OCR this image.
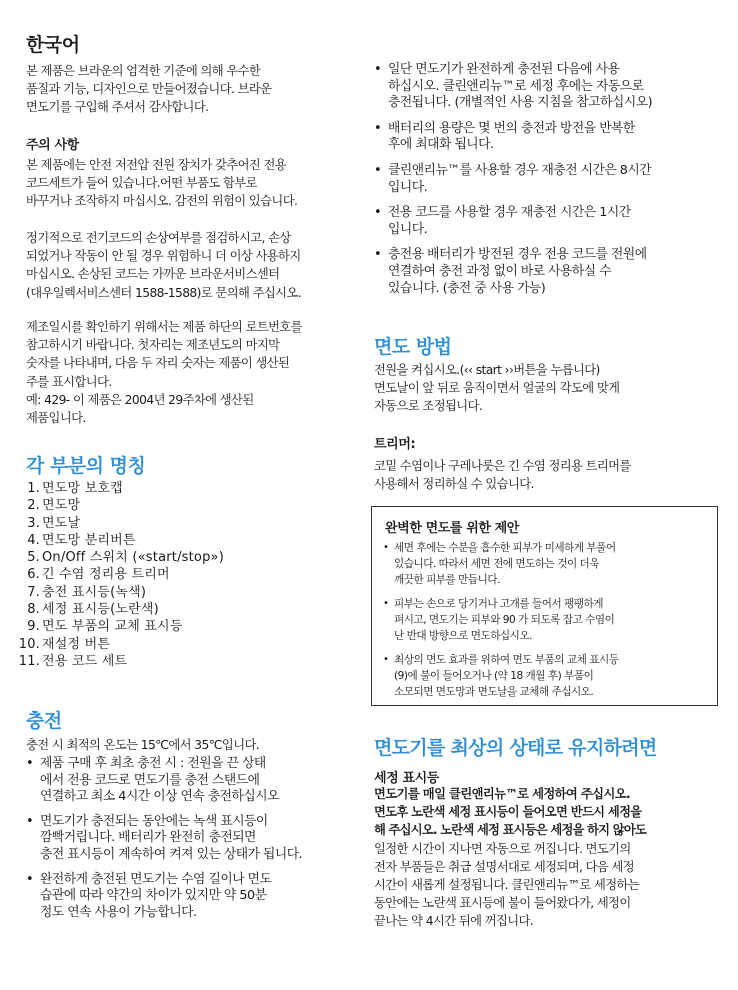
한국어

본 제품은 브라운의 엄격한 기준에 의해 우수한

품질과 기능, 디자인으로 만들어졌습니다. 브라운

면도기를 구입해 주셔서 감사합니다.

주의 사항

본 제품에는 안전 저전압 전원 장치가 갖추어진 전용

코드세트가 들어 있습니다.어떤 부품도 함부로

바꾸거나 조작하지 마십시오. 감전의 위험이 있습니다.

정기적으로 전기코드의 손상여부를 점검하시고, 손상

되었거나 작동이 안 될 경우 위험하니 더 이상 사용하지

마십시오. 손상된 코드는 가까운 브라운서비스센터

(대우일렉서비스센터 1588-1588)로 문의해 주십시오.

제조일시를 확인하기 위해서는 제품 하단의 로트번호를

참고하시기 바랍니다. 첫자리는 제조년도의 마지막

숫자를 나타내며, 다음 두 자리 숫자는 제품이 생산된

주를 표시합니다.

예: 429- 이 제품은 2004년 29주차에 생산된

제품입니다.

각 부분의 명칭
1. 면도망 보호캡
2. 면도망
3. 면도날
4. 면도망 분리버튼
5. On/Off 스위치 («start/stop»)
6. 긴 수염 정리용 트리머
7. 충전 표시등(녹색)
8. 세정 표시등(노란색)
9. 면도 부품의 교체 표시등
10. 재설정 버튼
11. 전용 코드 세트
충전

충전 시 최적의 온도는 15℃에서 35℃입니다.

• 제품 구매 후 최초 충전 시 : 전원을 끈 상태
에서 전용 코드로 면도기를 충전 스탠드에
연결하고 최소 4시간 이상 연속 충전하십시오
• 면도기가 충전되는 동안에는 녹색 표시등이
깜빡거립니다. 배터리가 완전히 충전되면
충전 표시등이 계속하여 켜져 있는 상태가 됩니다.
• 완전하게 충전된 면도기는 수염 길이나 면도
습관에 따라 약간의 차이가 있지만 약 50분
정도 연속 사용이 가능합니다.
• 일단 면도기가 완전하게 충전된 다음에 사용
하십시오. 클린앤리뉴™로 세정 후에는 자동으로
충전됩니다. (개별적인 사용 지침을 참고하십시오)
• 배터리의 용량은 몇 번의 충전과 방전을 반복한
후에 최대화 됩니다.
• 클린앤리뉴™를 사용할 경우 재충전 시간은 8시간
입니다.
• 전용 코드를 사용할 경우 재충전 시간은 1시간
입니다.
• 충전용 배터리가 방전된 경우 전용 코드를 전원에
연결하여 충전 과정 없이 바로 사용하실 수
있습니다. (충전 중 사용 가능)
면도 방법

전원을 켜십시오.(‹‹ start ››버튼을 누릅니다)

면도날이 앞 뒤로 움직이면서 얼굴의 각도에 맞게

자동으로 조정됩니다.

트리머:

코밑 수염이나 구레나룻은 긴 수염 정리용 트리머를

사용해서 정리하실 수 있습니다.

완벽한 면도를 위한 제안
• 세면 후에는 수분을 흡수한 피부가 미세하게 부풀어
있습니다. 따라서 세면 전에 면도하는 것이 더욱
깨끗한 피부를 만듭니다.
• 피부는 손으로 당기거나 고개를 들어서 팽팽하게
펴시고, 면도기는 피부와 90 가 되도록 잡고 수염이
난 반대 방향으로 면도하십시오.
• 최상의 면도 효과를 위하여 면도 부품의 교체 표시등
(9)에 불이 들어오거나 (약 18 개월 후) 부품이
소모되면 면도망과 면도날을 교체해 주십시오.
면도기를 최상의 상태로 유지하려면
세정 표시등

면도기를 매일 클린앤리뉴™로 세정하여 주십시오.

면도후 노란색 세정 표시등이 들어오면 반드시 세정을

해 주십시오. 노란색 세정 표시등은 세정을 하지 않아도

일정한 시간이 지나면 자동으로 꺼집니다. 면도기의

전자 부품들은 취급 설명서대로 세정되며, 다음 세정

시간이 새롭게 설정됩니다. 클린앤리뉴™로 세정하는

동안에는 노란색 표시등에 불이 들어왔다가, 세정이

끝나는 약 4시간 뒤에 꺼집니다.
